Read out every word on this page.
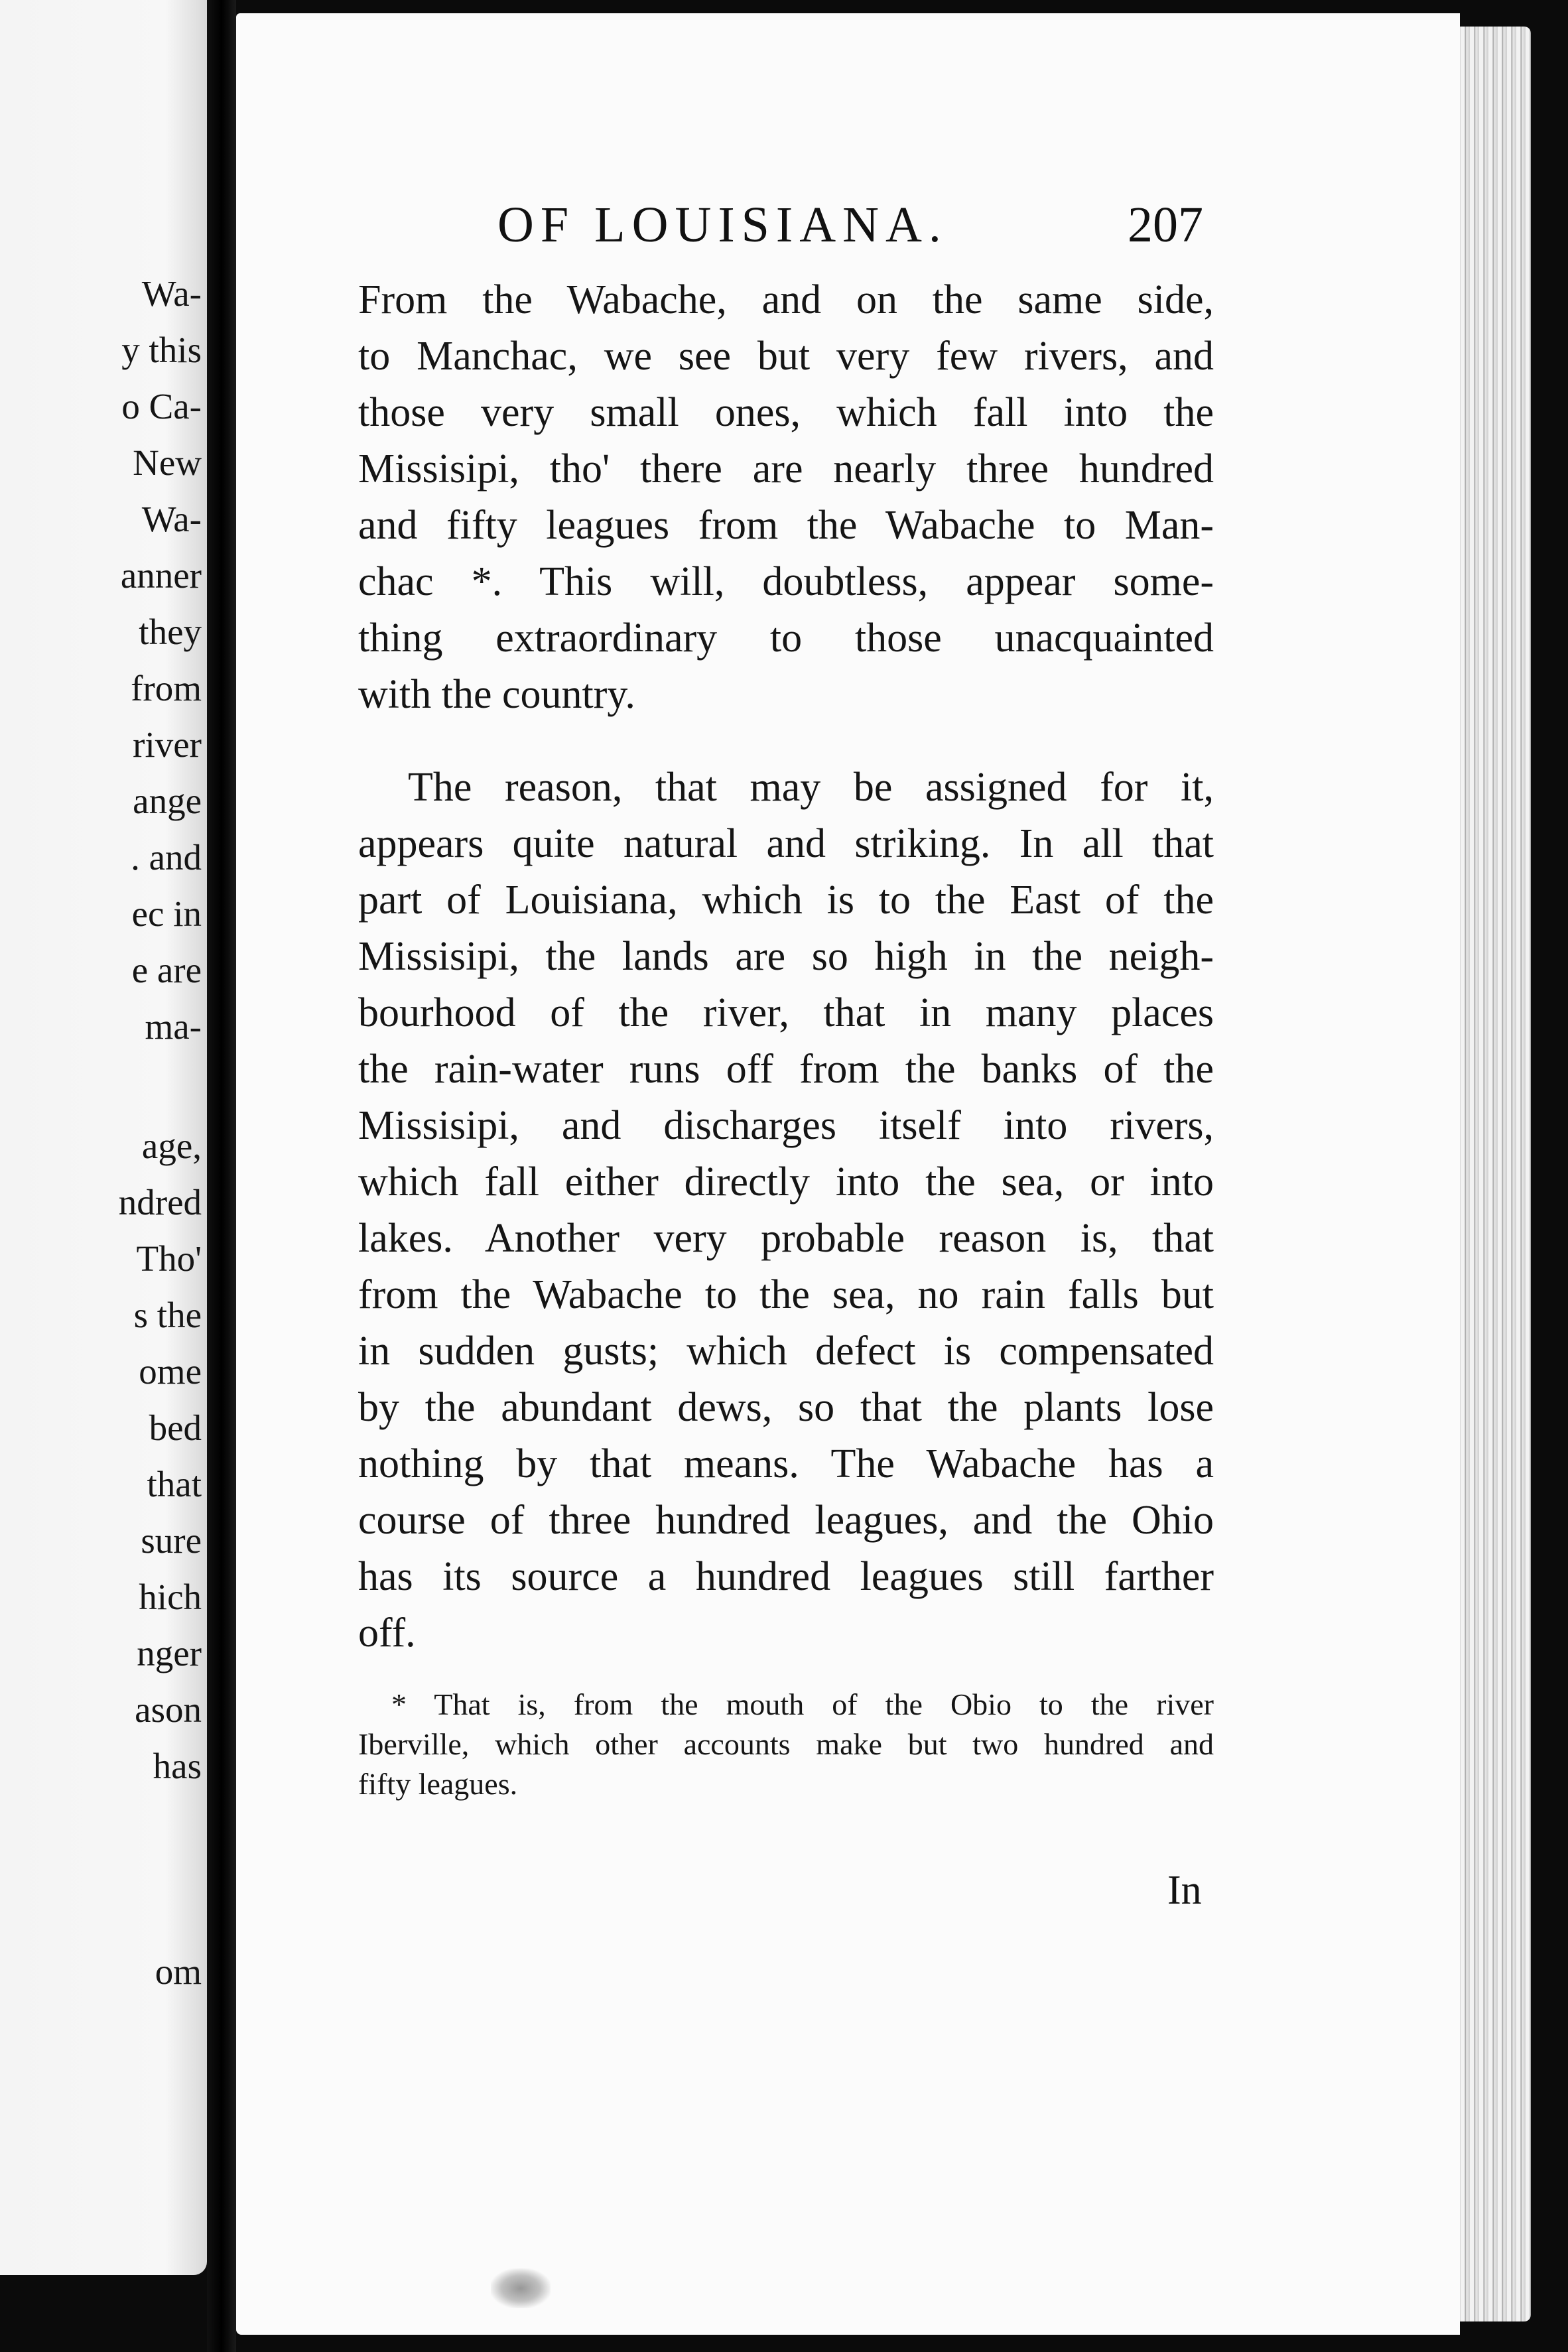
Wa-
y this
o Ca-
New
Wa-
anner
they
from
river
ange
. and
ec in
e are
ma-
age,
ndred
Tho'
s the
ome
bed
that
sure
hich
nger
ason
has
om
OF LOUISIANA.	207
From the Wabache, and on the same side,
to Manchac, we see but very few rivers, and
those very small ones, which fall into the
Missisipi, tho' there are nearly three hundred
and fifty leagues from the Wabache to Man-
chac *. This will, doubtless, appear some-
thing extraordinary to those unacquainted
with the country.
The reason, that may be assigned for it,
appears quite natural and striking. In all that
part of Louisiana, which is to the East of the
Missisipi, the lands are so high in the neigh-
bourhood of the river, that in many places
the rain-water runs off from the banks of the
Missisipi, and discharges itself into rivers,
which fall either directly into the sea, or into
lakes. Another very probable reason is, that
from the Wabache to the sea, no rain falls but
in sudden gusts; which defect is compensated
by the abundant dews, so that the plants lose
nothing by that means. The Wabache has a
course of three hundred leagues, and the Ohio
has its source a hundred leagues still farther
off.
* That is, from the mouth of the Obio to the river
Iberville, which other accounts make but two hundred and
fifty leagues.
In
